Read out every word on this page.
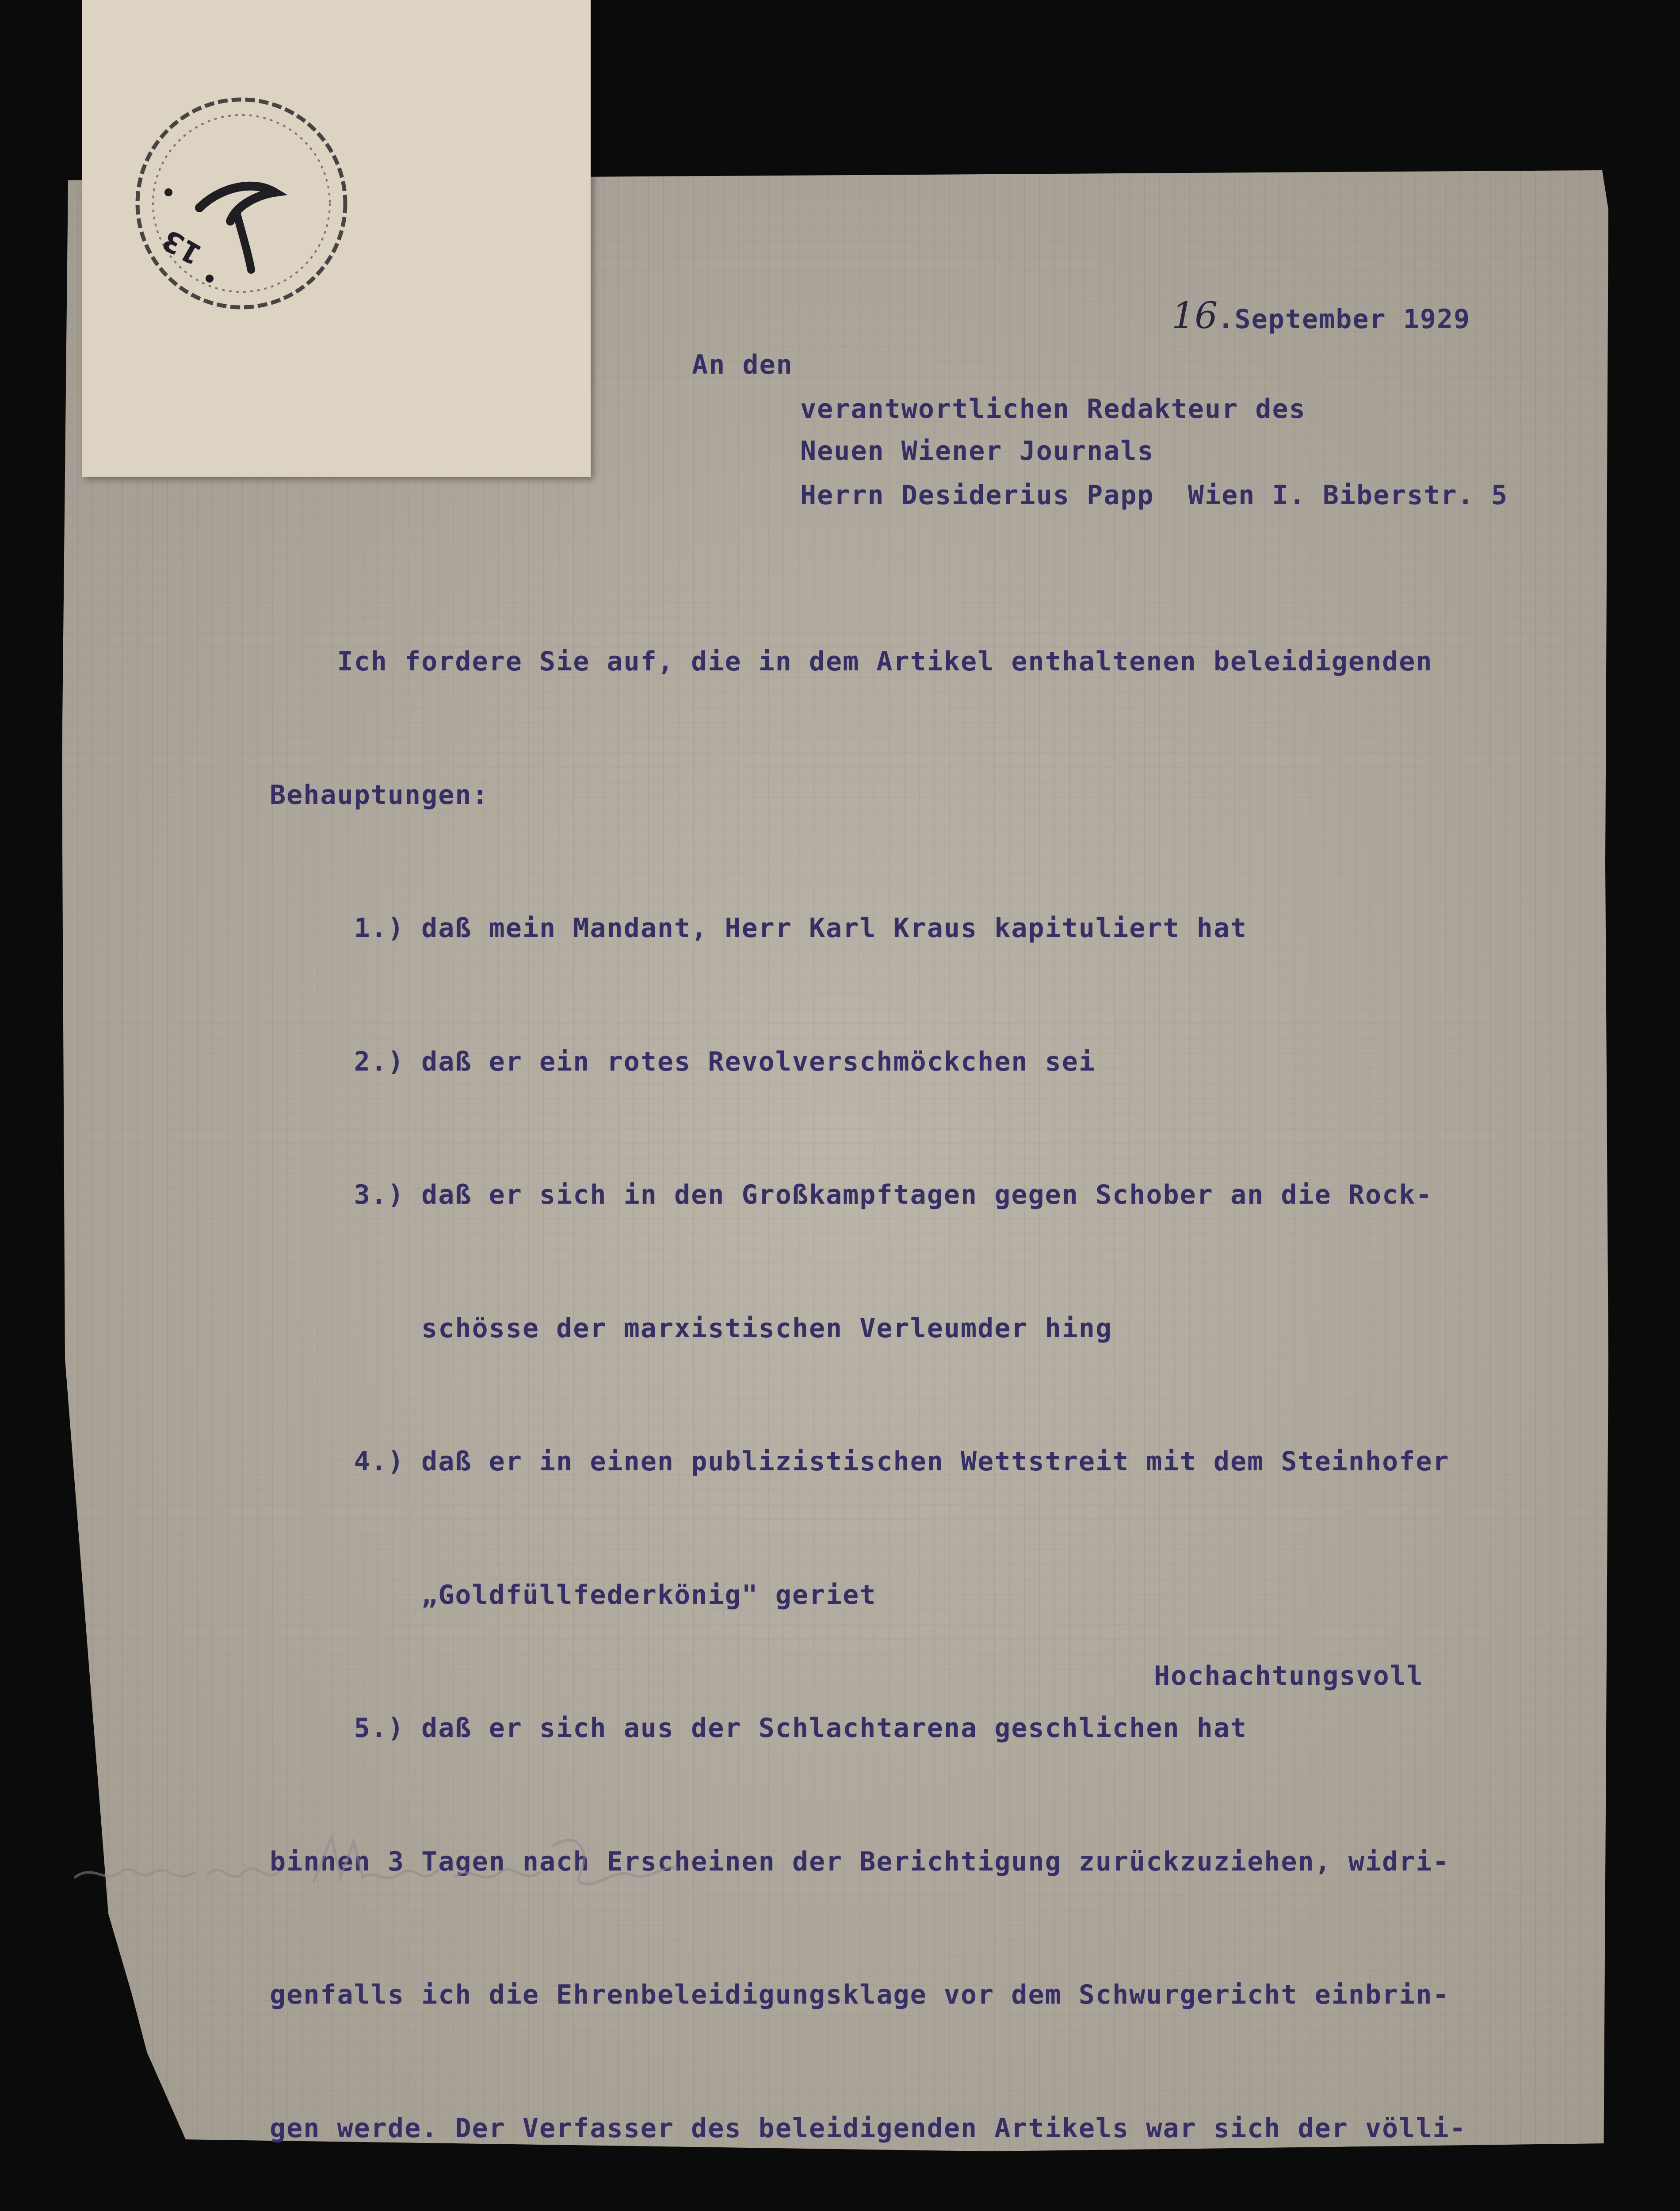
13

16.September 1929

An den

verantwortlichen Redakteur des

Neuen Wiener Journals

Herrn Desiderius Papp  Wien I. Biberstr. 5

Ich fordere Sie auf, die in dem Artikel enthaltenen beleidigenden

Behauptungen:

1.) daß mein Mandant, Herr Karl Kraus kapituliert hat

2.) daß er ein rotes Revolverschmöckchen sei

3.) daß er sich in den Großkampftagen gegen Schober an die Rock-

schösse der marxistischen Verleumder hing

4.) daß er in einen publizistischen Wettstreit mit dem Steinhofer

„Goldfüllfederkönig" geriet

5.) daß er sich aus der Schlachtarena geschlichen hat

binnen 3 Tagen nach Erscheinen der Berichtigung zurückzuziehen, widri-

genfalls ich die Ehrenbeleidigungsklage vor dem Schwurgericht einbrin-

gen werde. Der Verfasser des beleidigenden Artikels war sich der völli-

Hochachtungsvoll
